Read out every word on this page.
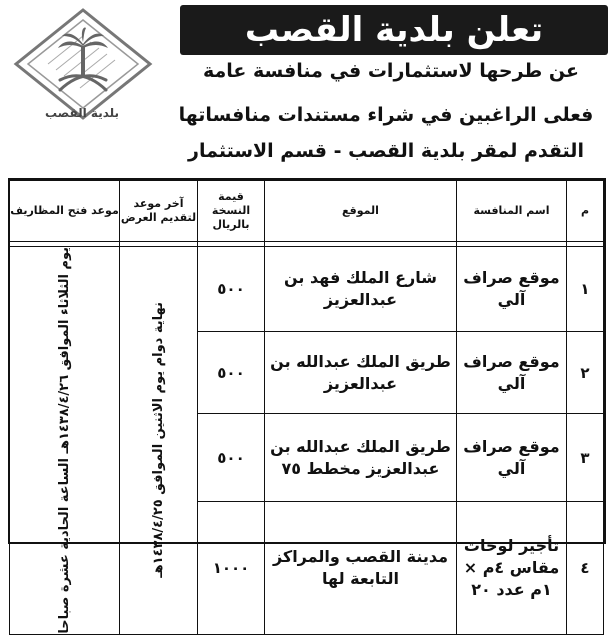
تعلن بلدية القصب
عن طرحها لاستثمارات في منافسة عامة
فعلى الراغبين في شراء مستندات منافساتها
التقدم لمقر بلدية القصب - قسم الاستثمار
بلدية القصب
م	اسم المنافسة	الموقع	قيمة النسخة بالريال	آخر موعد لتقديم العرض	موعد فتح المظاريف

١	موقع صراف آلي	شارع الملك فهد بن عبدالعزيز	٥٠٠	نهاية دوام يوم الاثنين الموافق ١٤٣٨/٤/٢٥هـ	يوم الثلاثاء الموافق ١٤٣٨/٤/٢٦هـ الساعة الحادية عشرة صباحا

٢	موقع صراف آلي	طريق الملك عبدالله بن عبدالعزيز	٥٠٠		
٣	موقع صراف آلي	طريق الملك عبدالله بن عبدالعزيز مخطط ٧٥	٥٠٠		
٤	تأجير لوحات مقاس ٤م × ١م عدد ٢٠	مدينة القصب والمراكز التابعة لها	١٠٠٠		
